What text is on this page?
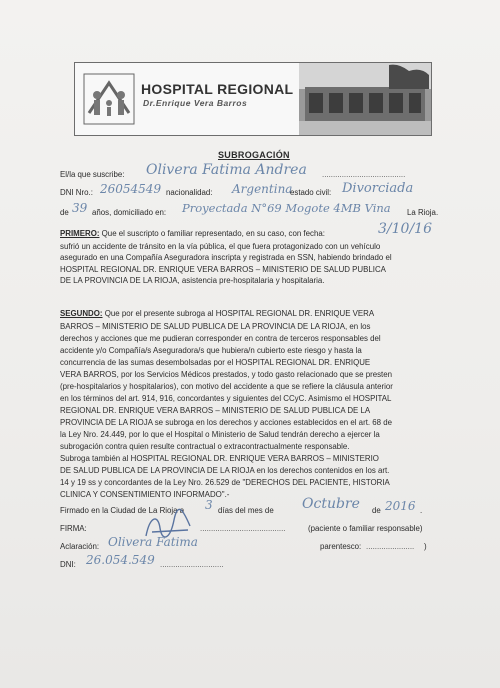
HOSPITAL REGIONAL
Dr.Enrique Vera Barros
SUBROGACIÓN
El/la que suscribe: Olivera Fatima Andrea ......................................
DNI Nro.: 26054549 nacionalidad: Argentina
estado civil: Divorciada
de 39 años, domiciliado en: Proyectada N°69 Mogote 4MB Vina La Rioja.
PRIMERO: Que el suscripto o familiar representado, en su caso, con fecha:	3/10/16
sufrió un accidente de tránsito en la vía pública, el que fuera protagonizado con un vehículo
asegurado en una Compañía Aseguradora inscripta y registrada en SSN, habiendo brindado el
HOSPITAL REGIONAL DR. ENRIQUE VERA BARROS – MINISTERIO DE SALUD PUBLICA
DE LA PROVINCIA DE LA RIOJA, asistencia pre-hospitalaria y hospitalaria.
SEGUNDO: Que por el presente subroga al HOSPITAL REGIONAL DR. ENRIQUE VERA
BARROS – MINISTERIO DE SALUD PUBLICA DE LA PROVINCIA DE LA RIOJA, en los
derechos y acciones que me pudieran corresponder en contra de terceros responsables del
accidente y/o Compañía/s Aseguradora/s que hubiera/n cubierto este riesgo y hasta la
concurrencia de las sumas desembolsadas por el HOSPITAL REGIONAL DR. ENRIQUE
VERA BARROS, por los Servicios Médicos prestados, y todo gasto relacionado que se presten
(pre-hospitalarios y hospitalarios), con motivo del accidente a que se refiere la cláusula anterior
en los términos del art. 914, 916, concordantes y siguientes del CCyC. Asimismo el HOSPITAL
REGIONAL DR. ENRIQUE VERA BARROS – MINISTERIO DE SALUD PUBLICA DE LA
PROVINCIA DE LA RIOJA se subroga en los derechos y acciones establecidos en el art. 68 de
la Ley Nro. 24.449, por lo que el Hospital o Ministerio de Salud tendrán derecho a ejercer la
subrogación contra quien resulte contractual o extracontractualmente responsable.
Subroga también al HOSPITAL REGIONAL DR. ENRIQUE VERA BARROS – MINISTERIO
DE SALUD PUBLICA DE LA PROVINCIA DE LA RIOJA en los derechos contenidos en los art.
14 y 19 ss y concordantes de la Ley Nro. 26.529 de "DERECHOS DEL PACIENTE, HISTORIA
CLINICA Y CONSENTIMIENTO INFORMADO".-
Firmado en la Ciudad de La Rioja a 3 días del mes de Octubre de 2016 .
FIRMA:	.......................................	(paciente o familiar responsable)
Aclaración: Olivera Fatima	parentesco: ...................... )
DNI: 26.054.549 .............................
